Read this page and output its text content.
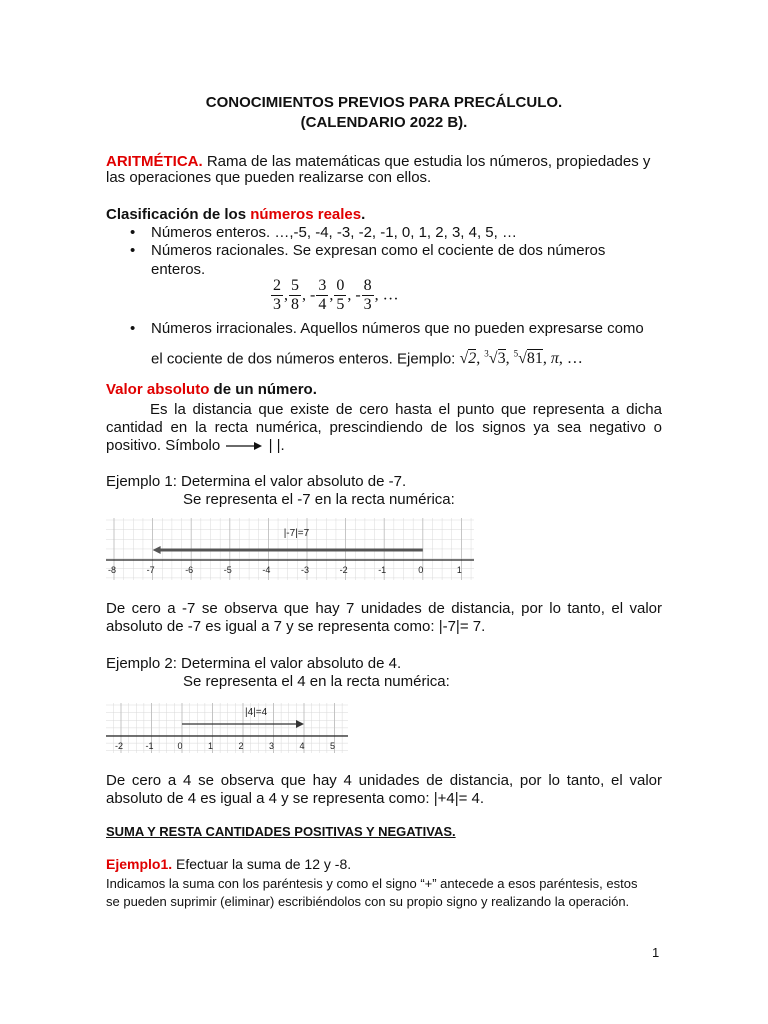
CONOCIMIENTOS PREVIOS PARA PRECÁLCULO.
(CALENDARIO 2022 B).
ARITMÉTICA. Rama de las matemáticas que estudia los números, propiedades y
las operaciones que pueden realizarse con ellos.
Clasificación de los números reales.
• Números enteros. …,-5, -4, -3, -2, -1, 0, 1, 2, 3, 4, 5, …
• Números racionales. Se expresan como el cociente de dos números
enteros.
$\frac{2}{3}$ , $\frac{5}{8}$ , - $\frac{3}{4}$ , $\frac{0}{5}$ , - $\frac{8}{3}$ , …
• Números irracionales. Aquellos números que no pueden expresarse como
el cociente de dos números enteros. Ejemplo: √2, $^3$√3, $^5$√81, π, …
Valor absoluto de un número.
Es la distancia que existe de cero hasta el punto que representa a dicha
cantidad en la recta numérica, prescindiendo de los signos ya sea negativo o
positivo. Símbolo	| |.
Ejemplo 1: Determina el valor absoluto de -7.
Se representa el -7 en la recta numérica:
-8	-7	-6	-5	-4	-3	-2	-1	0	1
|-7|=7
De cero a -7 se observa que hay 7 unidades de distancia, por lo tanto, el valor
absoluto de -7 es igual a 7 y se representa como: |-7|= 7.
Ejemplo 2: Determina el valor absoluto de 4.
Se representa el 4 en la recta numérica:
-2 -1	0	1	2	3	4	5
|4|=4
De cero a 4 se observa que hay 4 unidades de distancia, por lo tanto, el valor
absoluto de 4 es igual a 4 y se representa como: |+4|= 4.
SUMA Y RESTA CANTIDADES POSITIVAS Y NEGATIVAS.
Ejemplo1. Efectuar la suma de 12 y -8.
Indicamos la suma con los paréntesis y como el signo “+” antecede a esos paréntesis, estos
se pueden suprimir (eliminar) escribiéndolos con su propio signo y realizando la operación.
1
